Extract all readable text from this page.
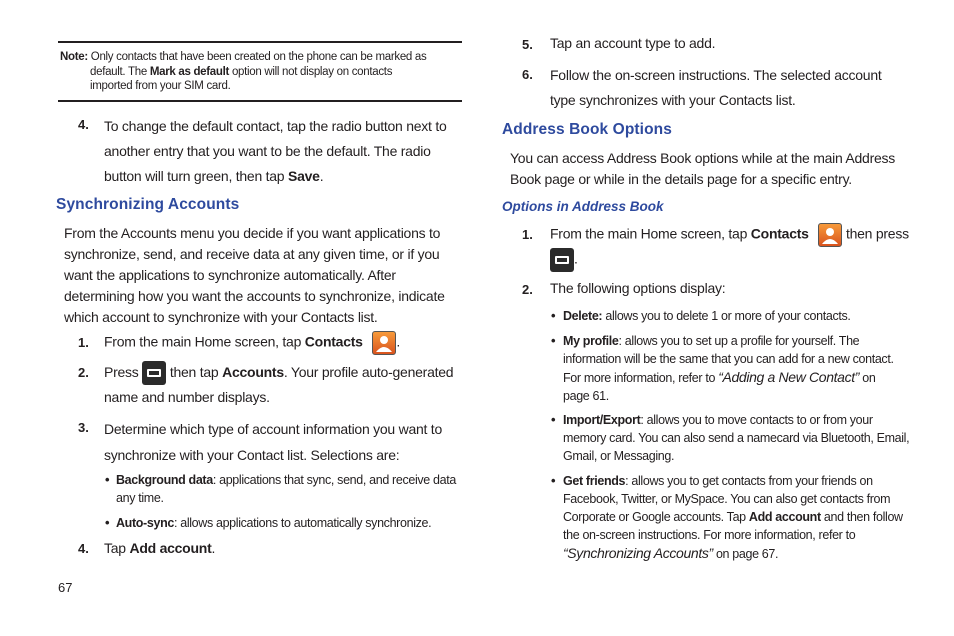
Note: Only contacts that have been created on the phone can be marked as
default. The Mark as default option will not display on contacts
imported from your SIM card.
4. To change the default contact, tap the radio button next to
another entry that you want to be the default. The radio
button will turn green, then tap Save.
Synchronizing Accounts
From the Accounts menu you decide if you want applications to
synchronize, send, and receive data at any given time, or if you
want the applications to synchronize automatically. After
determining how you want the accounts to synchronize, indicate
which account to synchronize with your Contacts list.
1. From the main Home screen, tap Contacts .
2. Press
then tap Accounts. Your profile auto-generated
name and number displays.
3. Determine which type of account information you want to
synchronize with your Contact list. Selections are:
• Background data: applications that sync, send, and receive data
any time.
• Auto-sync: allows applications to automatically synchronize.
4. Tap Add account.
67
5. Tap an account type to add.
6. Follow the on-screen instructions. The selected account
type synchronizes with your Contacts list.
Address Book Options
You can access Address Book options while at the main Address
Book page or while in the details page for a specific entry.
Options in Address Book
1. From the main Home screen, tap Contacts
then press
.
2. The following options display:
• Delete: allows you to delete 1 or more of your contacts.
• My profile: allows you to set up a profile for yourself. The
information will be the same that you can add for a new contact.
For more information, refer to “Adding a New Contact” on
page 61.
• Import/Export: allows you to move contacts to or from your
memory card. You can also send a namecard via Bluetooth, Email,
Gmail, or Messaging.
• Get friends: allows you to get contacts from your friends on
Facebook, Twitter, or MySpace. You can also get contacts from
Corporate or Google accounts. Tap Add account and then follow
the on-screen instructions. For more information, refer to
“Synchronizing Accounts” on page 67.
